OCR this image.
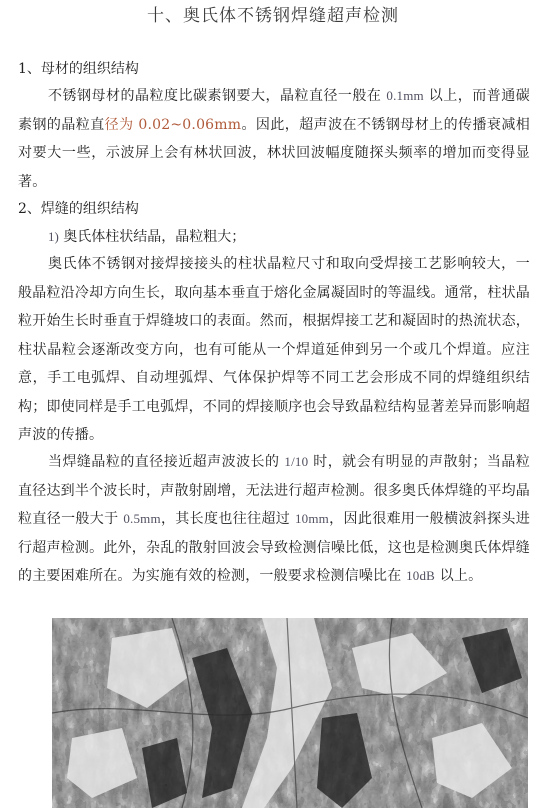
十、奥氏体不锈钢焊缝超声检测
1、母材的组织结构

不锈钢母材的晶粒度比碳素钢要大，晶粒直径一般在 0.1mm 以上，而普通碳素钢的晶粒直径为 0.02~0.06mm。因此，超声波在不锈钢母材上的传播衰减相对要大一些，示波屏上会有林状回波，林状回波幅度随探头频率的增加而变得显著。

2、焊缝的组织结构
1) 奥氏体柱状结晶，晶粒粗大；

奥氏体不锈钢对接焊接接头的柱状晶粒尺寸和取向受焊接工艺影响较大，一般晶粒沿冷却方向生长，取向基本垂直于熔化金属凝固时的等温线。通常，柱状晶粒开始生长时垂直于焊缝坡口的表面。然而，根据焊接工艺和凝固时的热流状态，柱状晶粒会逐渐改变方向，也有可能从一个焊道延伸到另一个或几个焊道。应注意，手工电弧焊、自动埋弧焊、气体保护焊等不同工艺会形成不同的焊缝组织结构；即使同样是手工电弧焊，不同的焊接顺序也会导致晶粒结构显著差异而影响超声波的传播。

当焊缝晶粒的直径接近超声波波长的 1/10 时，就会有明显的声散射；当晶粒直径达到半个波长时，声散射剧增，无法进行超声检测。很多奥氏体焊缝的平均晶粒直径一般大于 0.5mm，其长度也往往超过 10mm，因此很难用一般横波斜探头进行超声检测。此外，杂乱的散射回波会导致检测信噪比低，这也是检测奥氏体焊缝的主要困难所在。为实施有效的检测，一般要求检测信噪比在 10dB 以上。
